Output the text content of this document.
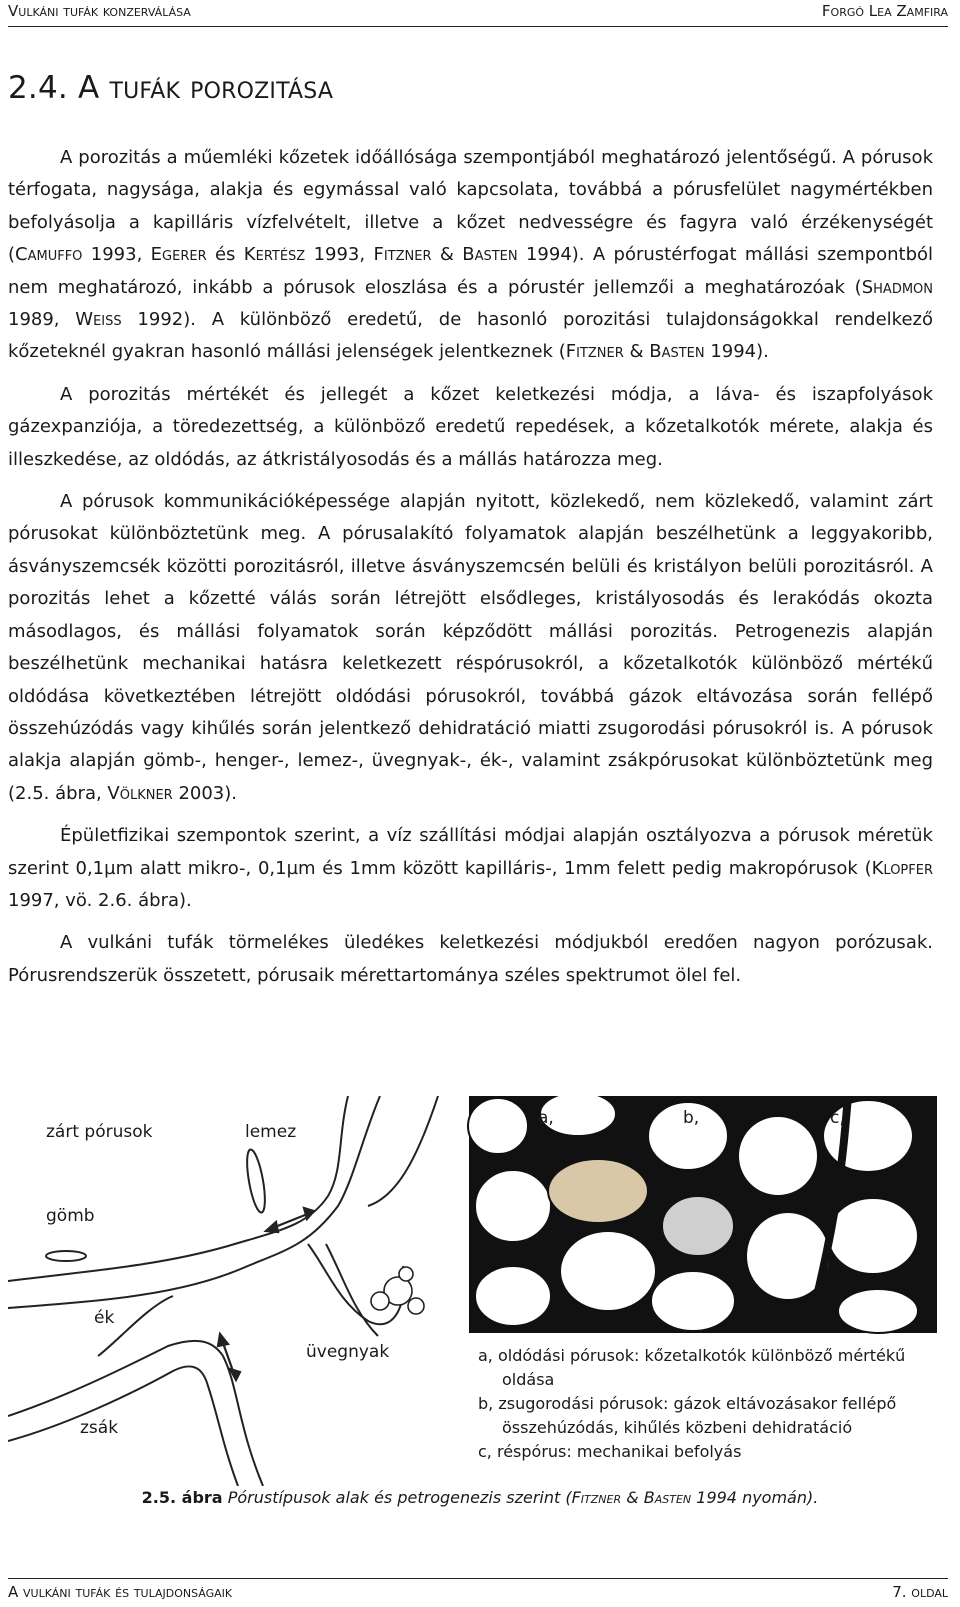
Vulkáni tufák konzerválása	Forgó Lea Zamfira
2.4. A tufák porozitása

A porozitás a műemléki kőzetek időállósága szempontjából meghatározó jelentőségű. A pórusok térfogata, nagysága, alakja és egymással való kapcsolata, továbbá a pórusfelület nagymértékben befolyásolja a kapilláris vízfelvételt, illetve a kőzet nedvességre és fagyra való érzékenységét (Camuffo 1993, Egerer és Kertész 1993, Fitzner & Basten 1994). A pórustérfogat mállási szempontból nem meghatározó, inkább a pórusok eloszlása és a pórustér jellemzői a meghatározóak (Shadmon 1989, Weiss 1992). A különböző eredetű, de hasonló porozitási tulajdonságokkal rendelkező kőzeteknél gyakran hasonló mállási jelenségek jelentkeznek (Fitzner & Basten 1994).

A porozitás mértékét és jellegét a kőzet keletkezési módja, a láva- és iszapfolyások gázexpanziója, a töredezettség, a különböző eredetű repedések, a kőzetalkotók mérete, alakja és illeszkedése, az oldódás, az átkristályosodás és a mállás határozza meg.

A pórusok kommunikációképessége alapján nyitott, közlekedő, nem közlekedő, valamint zárt pórusokat különböztetünk meg. A pórusalakító folyamatok alapján beszélhetünk a leggyakoribb, ásványszemcsék közötti porozitásról, illetve ásványszemcsén belüli és kristályon belüli porozitásról. A porozitás lehet a kőzetté válás során létrejött elsődleges, kristályosodás és lerakódás okozta másodlagos, és mállási folyamatok során képződött mállási porozitás. Petrogenezis alapján beszélhetünk mechanikai hatásra keletkezett réspórusokról, a kőzetalkotók különböző mértékű oldódása következtében létrejött oldódási pórusokról, továbbá gázok eltávozása során fellépő összehúzódás vagy kihűlés során jelentkező dehidratáció miatti zsugorodási pórusokról is. A pórusok alakja alapján gömb-, henger-, lemez-, üvegnyak-, ék-, valamint zsákpórusokat különböztetünk meg (2.5. ábra, Völkner 2003).

Épületfizikai szempontok szerint, a víz szállítási módjai alapján osztályozva a pórusok méretük szerint 0,1µm alatt mikro-, 0,1µm és 1mm között kapilláris-, 1mm felett pedig makropórusok (Klopfer 1997, vö. 2.6. ábra).

A vulkáni tufák törmelékes üledékes keletkezési módjukból eredően nagyon porózusak. Pórusrendszerük összetett, pórusaik mérettartománya széles spektrumot ölel fel.

zárt pórusok	lemez
gömb
ék
üvegnyak
zsák
a,	b,	c,
a, oldódási pórusok: kőzetalkotók különböző mértékű oldása
b, zsugorodási pórusok: gázok eltávozásakor fellépő összehúzódás, kihűlés közbeni dehidratáció
c, réspórus: mechanikai befolyás
2.5. ábra Pórustípusok alak és petrogenezis szerint (Fitzner & Basten 1994 nyomán).
A vulkáni tufák és tulajdonságaik	7. oldal
